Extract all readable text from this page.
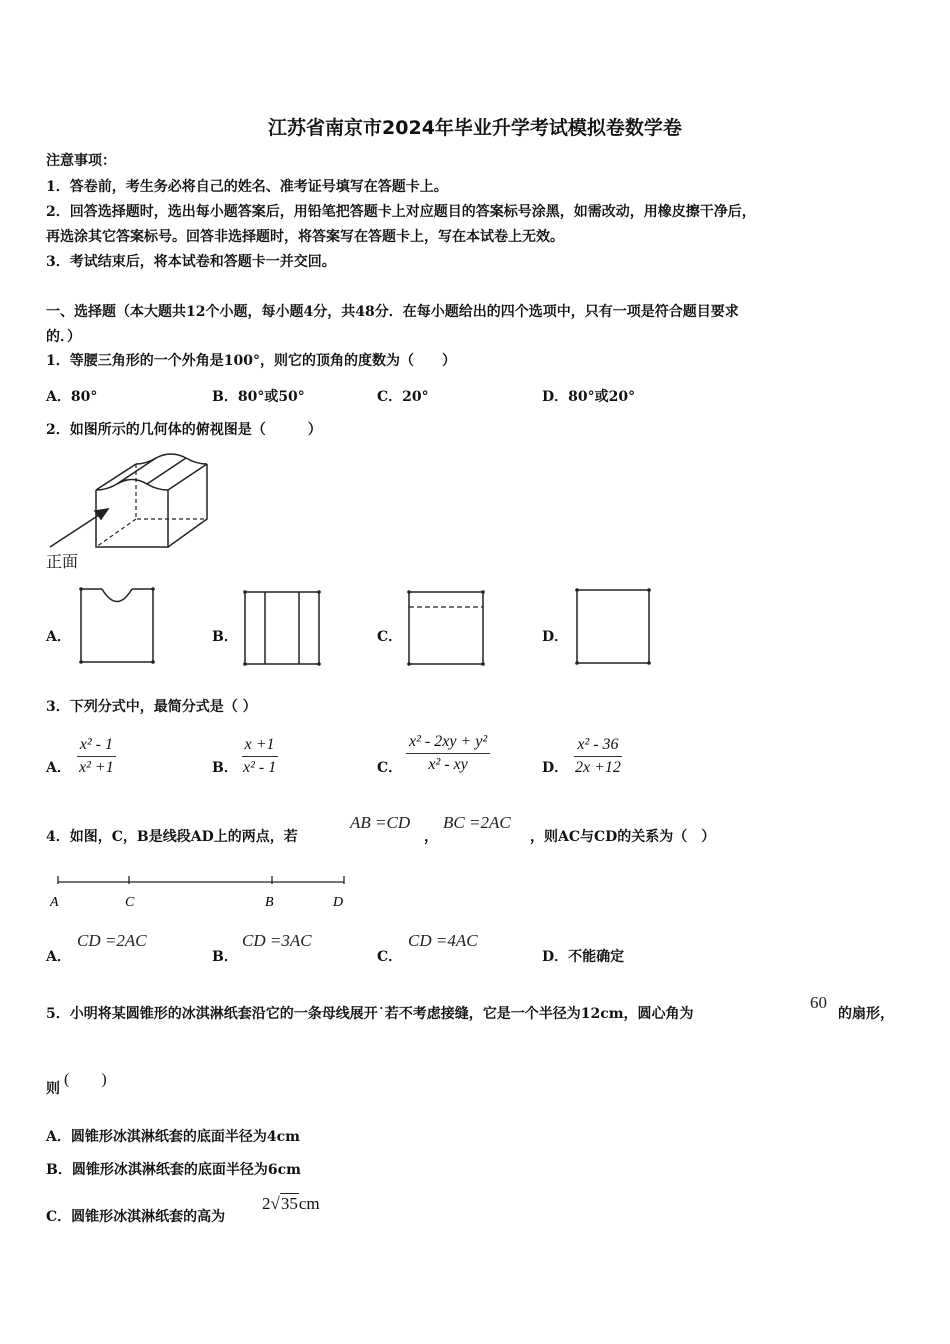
江苏省南京市2024年毕业升学考试模拟卷数学卷
注意事项：
1．答卷前，考生务必将自己的姓名、准考证号填写在答题卡上。
2．回答选择题时，选出每小题答案后，用铅笔把答题卡上对应题目的答案标号涂黑，如需改动，用橡皮擦干净后，
再选涂其它答案标号。回答非选择题时，将答案写在答题卡上，写在本试卷上无效。
3．考试结束后，将本试卷和答题卡一并交回。
一、选择题（本大题共12个小题，每小题4分，共48分．在每小题给出的四个选项中，只有一项是符合题目要求
的．）
1．等腰三角形的一个外角是100°，则它的顶角的度数为（　　）
A．80°	B．80°或50°	C．20°	D．80°或20°
2．如图所示的几何体的俯视图是（　　　）
正面
A．	B．	C．	D．
3．下列分式中，最简分式是（ ）
A． $\frac{\text{x² - 1}}{\text{x² +1}}$	B． $\frac{x +1}{\text{x² - 1}}$	C． $\frac{\text{x² - 2xy + y²}}{\text{x² - xy}}$	D． $\frac{\text{x² - 36}}{2x +12}$
4．如图，C，B是线段AD上的两点，若
AB =CD
，
BC =2AC
，则AC与CD的关系为（　）
A	C	B	D
A．
CD =2AC
B．
CD =3AC
C．
CD =4AC
D．不能确定
5．小明将某圆锥形的冰淇淋纸套沿它的一条母线展开˙若不考虑接缝，它是一个半径为12cm，圆心角为
60
的扇形，
则
(　　)
A．圆锥形冰淇淋纸套的底面半径为4cm
B．圆锥形冰淇淋纸套的底面半径为6cm
C．圆锥形冰淇淋纸套的高为
2√35cm
